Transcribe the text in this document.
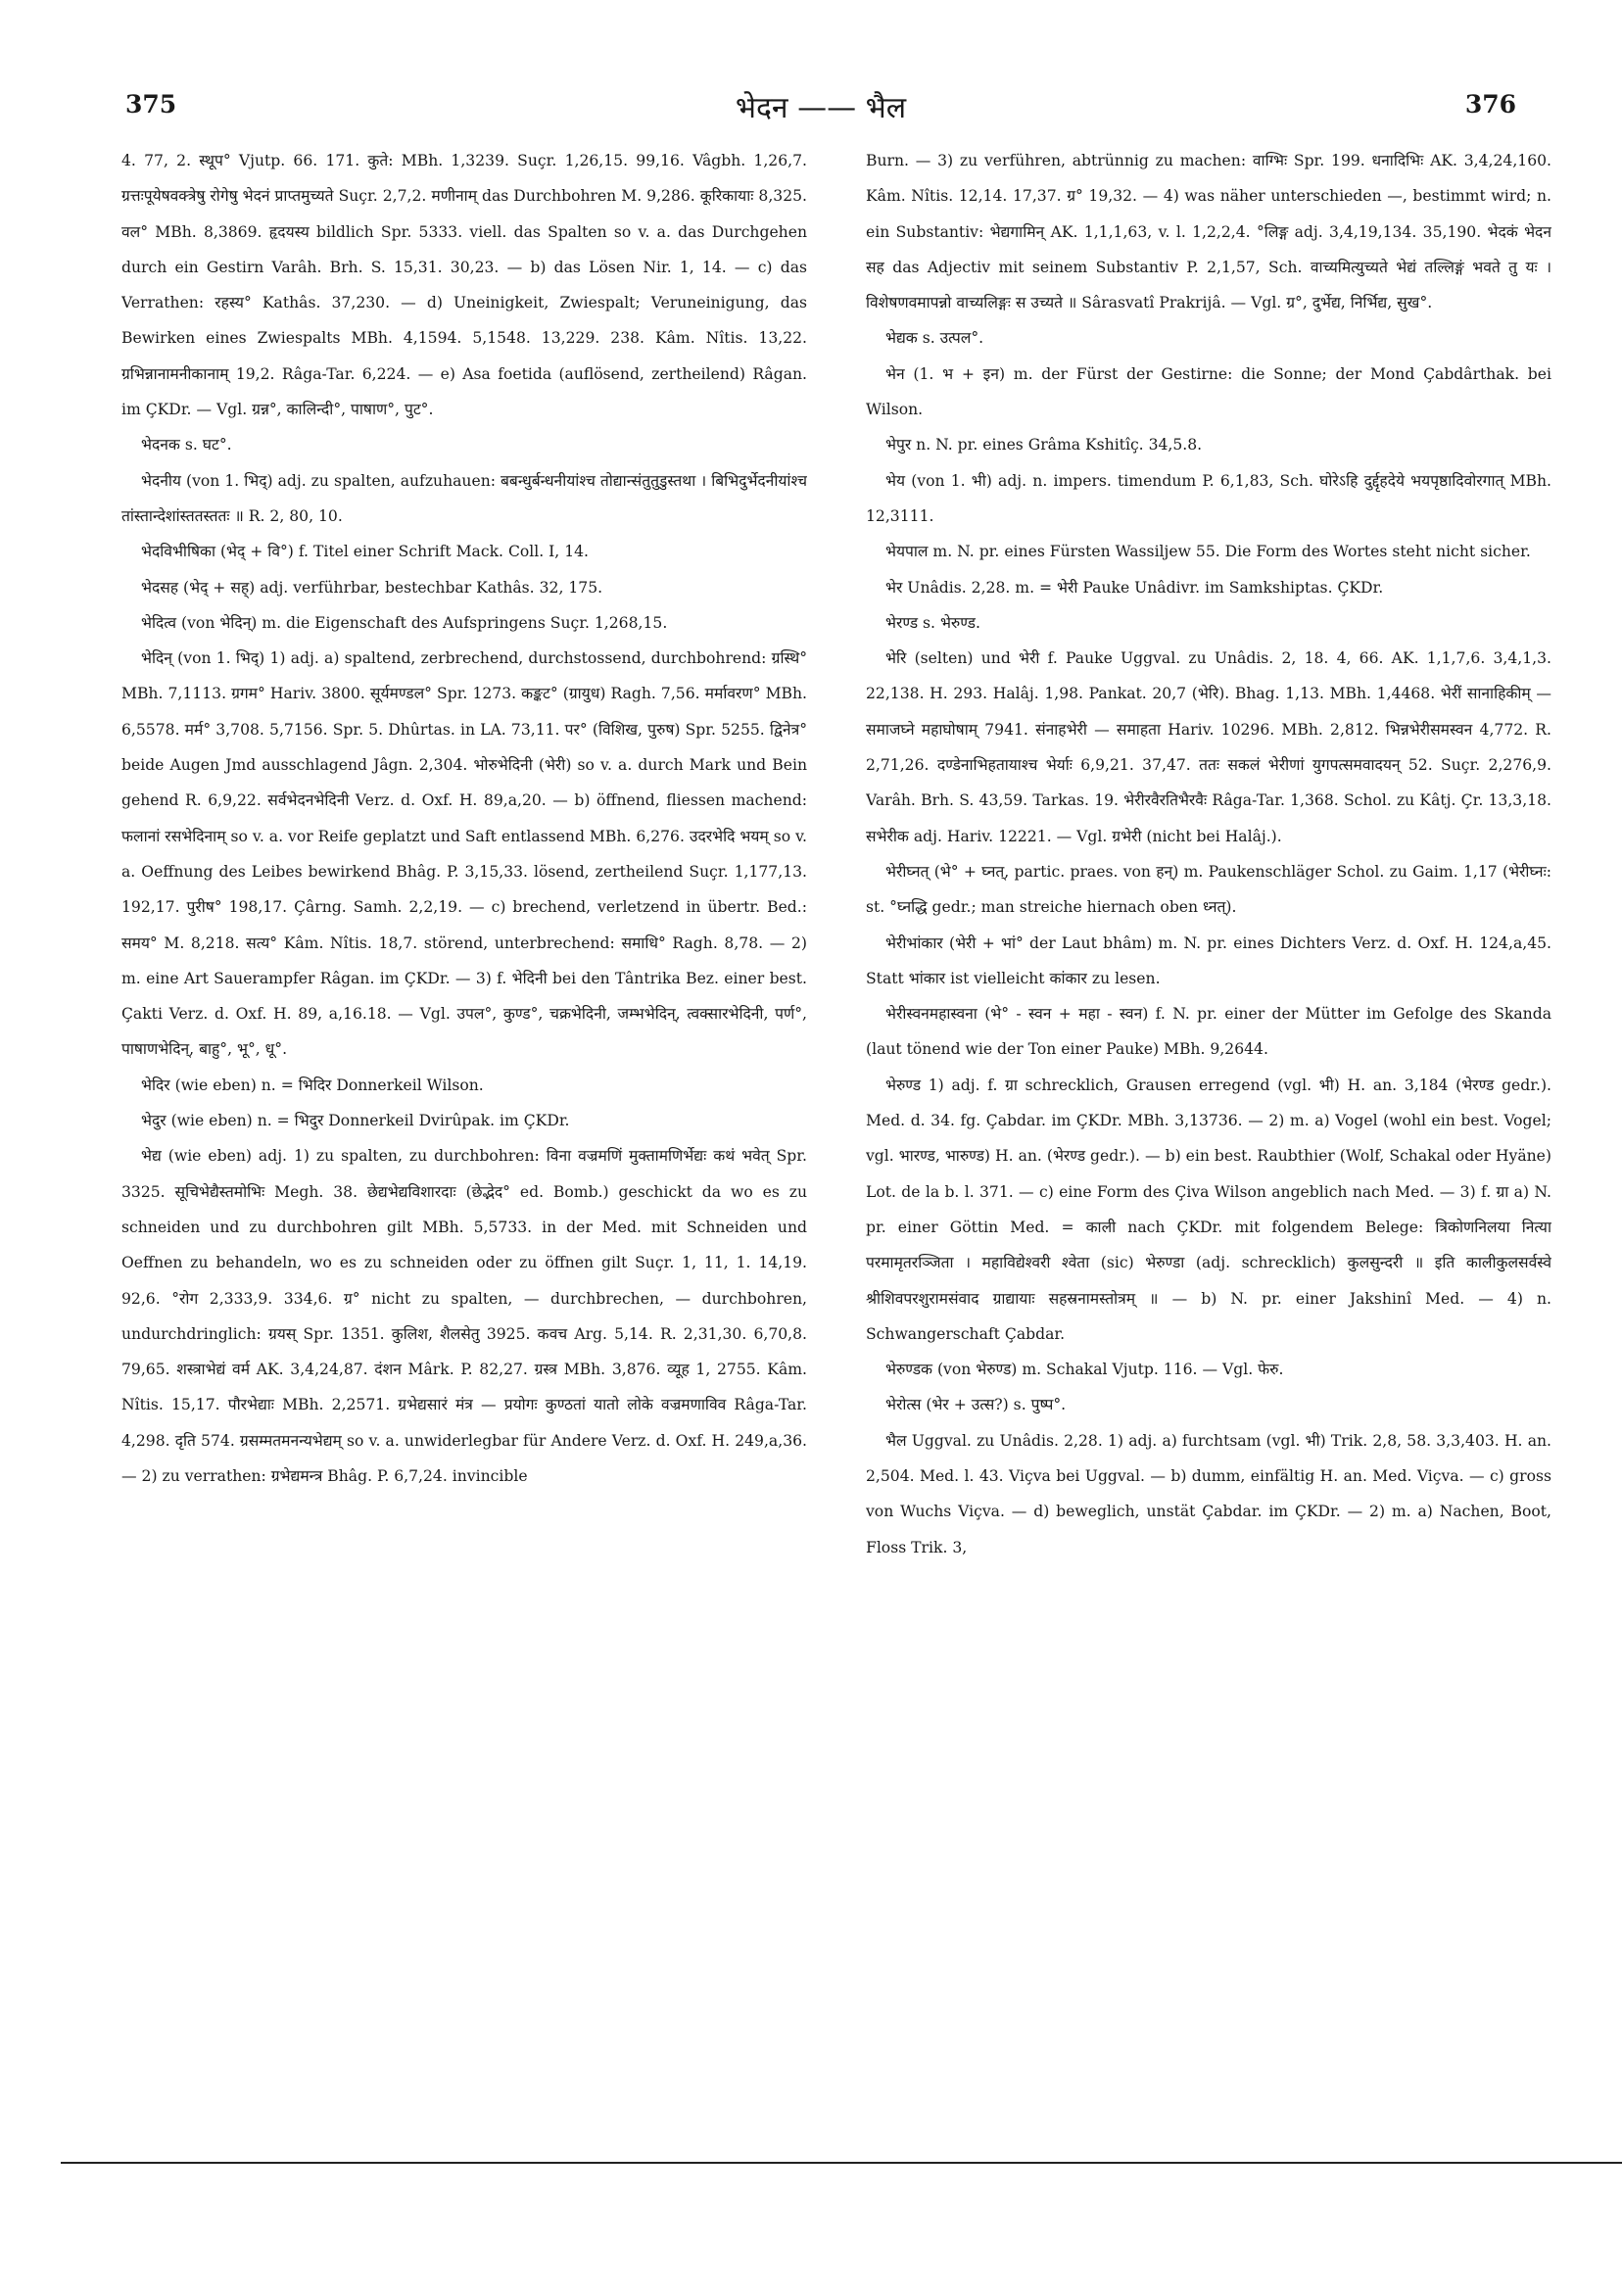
375	भेदन —— भैल	376

4. 77, 2. स्थूप° Vjutp. 66. 171. कुते: MBh. 1,3239. Suçr. 1,26,15. 99,16. Vâgbh. 1,26,7. ग्रत्तःपूयेषवक्त्रेषु रोगेषु भेदनं प्राप्तमुच्यते Suçr. 2,7,2. मणीनाम् das Durchbohren M. 9,286. कूरिकायाः 8,325. वल° MBh. 8,3869. हृदयस्य bildlich Spr. 5333. viell. das Spalten so v. a. das Durchgehen durch ein Gestirn Varâh. Brh. S. 15,31. 30,23. — b) das Lösen Nir. 1, 14. — c) das Verrathen: रहस्य° Kathâs. 37,230. — d) Uneinigkeit, Zwiespalt; Veruneinigung, das Bewirken eines Zwiespalts MBh. 4,1594. 5,1548. 13,229. 238. Kâm. Nîtis. 13,22. ग्रभिन्नानामनीकानाम् 19,2. Râga-Tar. 6,224. — e) Asa foetida (auflösend, zertheilend) Râgan. im ÇKDr. — Vgl. ग्रन्न°, कालिन्दी°, पाषाण°, पुट°.

भेदनक s. घट°.

भेदनीय (von 1. भिद्) adj. zu spalten, aufzuhauen: बबन्धुर्बन्धनीयांश्च तोद्यान्संतुतुडुस्तथा । बिभिदुर्भेदनीयांश्च तांस्तान्देशांस्ततस्ततः ॥ R. 2, 80, 10.

भेदविभीषिका (भेद् + वि°) f. Titel einer Schrift Mack. Coll. I, 14.

भेदसह (भेद् + सह्) adj. verführbar, bestechbar Kathâs. 32, 175.

भेदित्व (von भेदिन्) m. die Eigenschaft des Aufspringens Suçr. 1,268,15.

भेदिन् (von 1. भिद्) 1) adj. a) spaltend, zerbrechend, durchstossend, durchbohrend: ग्रस्थि° MBh. 7,1113. ग्रगम° Hariv. 3800. सूर्यमण्डल° Spr. 1273. कङ्कट° (ग्रायुध) Ragh. 7,56. मर्मावरण° MBh. 6,5578. मर्म° 3,708. 5,7156. Spr. 5. Dhûrtas. in LA. 73,11. पर° (विशिख, पुरुष) Spr. 5255. द्विनेत्र° beide Augen Jmd ausschlagend Jâgn. 2,304. भोरुभेदिनी (भेरी) so v. a. durch Mark und Bein gehend R. 6,9,22. सर्वभेदनभेदिनी Verz. d. Oxf. H. 89,a,20. — b) öffnend, fliessen machend: फलानां रसभेदिनाम् so v. a. vor Reife geplatzt und Saft entlassend MBh. 6,276. उदरभेदि भयम् so v. a. Oeffnung des Leibes bewirkend Bhâg. P. 3,15,33. lösend, zertheilend Suçr. 1,177,13. 192,17. पुरीष° 198,17. Çârng. Samh. 2,2,19. — c) brechend, verletzend in übertr. Bed.: समय° M. 8,218. सत्य° Kâm. Nîtis. 18,7. störend, unterbrechend: समाधि° Ragh. 8,78. — 2) m. eine Art Sauerampfer Râgan. im ÇKDr. — 3) f. भेदिनी bei den Tântrika Bez. einer best. Çakti Verz. d. Oxf. H. 89, a,16.18. — Vgl. उपल°, कुण्ड°, चक्रभेदिनी, जम्भभेदिन्, त्वक्सारभेदिनी, पर्ण°, पाषाणभेदिन्, बाहु°, भू°, धू°.

भेदिर (wie eben) n. = भिदिर Donnerkeil Wilson.

भेदुर (wie eben) n. = भिदुर Donnerkeil Dvirûpak. im ÇKDr.

भेद्य (wie eben) adj. 1) zu spalten, zu durchbohren: विना वज्रमणिं मुक्तामणिर्भेद्यः कथं भवेत् Spr. 3325. सूचिभेद्यैस्तमोभिः Megh. 38. छेद्यभेद्यविशारदाः (छेद्भेद° ed. Bomb.) geschickt da wo es zu schneiden und zu durchbohren gilt MBh. 5,5733. in der Med. mit Schneiden und Oeffnen zu behandeln, wo es zu schneiden oder zu öffnen gilt Suçr. 1, 11, 1. 14,19. 92,6. °रोग 2,333,9. 334,6. ग्र° nicht zu spalten, — durchbrechen, — durchbohren, undurchdringlich: ग्रयस् Spr. 1351. कुलिश, शैलसेतु 3925. कवच Arg. 5,14. R. 2,31,30. 6,70,8. 79,65. शस्त्राभेद्यं वर्म AK. 3,4,24,87. दंशन Mârk. P. 82,27. ग्रस्त्र MBh. 3,876. व्यूह 1, 2755. Kâm. Nîtis. 15,17. पौरभेद्याः MBh. 2,2571. ग्रभेद्यसारं मंत्र — प्रयोगः कुण्ठतां यातो लोके वज्रमणाविव Râga-Tar. 4,298. दृति 574. ग्रसम्मतमनन्यभेद्यम् so v. a. unwiderlegbar für Andere Verz. d. Oxf. H. 249,a,36. — 2) zu verrathen: ग्रभेद्यमन्त्र Bhâg. P. 6,7,24. invincible

Burn. — 3) zu verführen, abtrünnig zu machen: वाग्भिः Spr. 199. धनादिभिः AK. 3,4,24,160. Kâm. Nîtis. 12,14. 17,37. ग्र° 19,32. — 4) was näher unterschieden —, bestimmt wird; n. ein Substantiv: भेद्यगामिन् AK. 1,1,1,63, v. l. 1,2,2,4. °लिङ्ग adj. 3,4,19,134. 35,190. भेदकं भेदन सह das Adjectiv mit seinem Substantiv P. 2,1,57, Sch. वाच्यमित्युच्यते भेद्यं तल्लिङ्गं भवते तु यः । विशेषणवमापन्नो वाच्यलिङ्गः स उच्यते ॥ Sârasvatî Prakrijâ. — Vgl. ग्र°, दुर्भेद्य, निर्भिद्य, सुख°.

भेद्यक s. उत्पल°.

भेन (1. भ + इन) m. der Fürst der Gestirne: die Sonne; der Mond Çabdârthak. bei Wilson.

भेपुर n. N. pr. eines Grâma Kshitîç. 34,5.8.

भेय (von 1. भी) adj. n. impers. timendum P. 6,1,83, Sch. घोरेऽहि दुर्द्दृहदेये भयपृष्ठादिवोरगात् MBh. 12,3111.

भेयपाल m. N. pr. eines Fürsten Wassiljew 55. Die Form des Wortes steht nicht sicher.

भेर Unâdis. 2,28. m. = भेरी Pauke Unâdivr. im Samkshiptas. ÇKDr.

भेरण्ड s. भेरुण्ड.

भेरि (selten) und भेरी f. Pauke Uggval. zu Unâdis. 2, 18. 4, 66. AK. 1,1,7,6. 3,4,1,3. 22,138. H. 293. Halâj. 1,98. Pankat. 20,7 (भेरि). Bhag. 1,13. MBh. 1,4468. भेरीं सानाहिकीम् — समाजघ्ने महाघोषाम् 7941. संनाहभेरी — समाहता Hariv. 10296. MBh. 2,812. भिन्नभेरीसमस्वन 4,772. R. 2,71,26. दण्डेनाभिहतायाश्च भेर्याः 6,9,21. 37,47. ततः सकलं भेरीणां युगपत्समवादयन् 52. Suçr. 2,276,9. Varâh. Brh. S. 43,59. Tarkas. 19. भेरीरवैरतिभैरवैः Râga-Tar. 1,368. Schol. zu Kâtj. Çr. 13,3,18. सभेरीक adj. Hariv. 12221. — Vgl. ग्रभेरी (nicht bei Halâj.).

भेरीघ्नत् (भे° + घ्नत्, partic. praes. von हन्) m. Paukenschläger Schol. zu Gaim. 1,17 (भेरीघ्नः: st. °घ्नद्धि gedr.; man streiche hiernach oben ध्नत्).

भेरीभांकार (भेरी + भां° der Laut bhâm) m. N. pr. eines Dichters Verz. d. Oxf. H. 124,a,45. Statt भांकार ist vielleicht कांकार zu lesen.

भेरीस्वनमहास्वना (भे° - स्वन + महा - स्वन) f. N. pr. einer der Mütter im Gefolge des Skanda (laut tönend wie der Ton einer Pauke) MBh. 9,2644.

भेरुण्ड 1) adj. f. ग्रा schrecklich, Grausen erregend (vgl. भी) H. an. 3,184 (भेरण्ड gedr.). Med. d. 34. fg. Çabdar. im ÇKDr. MBh. 3,13736. — 2) m. a) Vogel (wohl ein best. Vogel; vgl. भारण्ड, भारुण्ड) H. an. (भेरण्ड gedr.). — b) ein best. Raubthier (Wolf, Schakal oder Hyäne) Lot. de la b. l. 371. — c) eine Form des Çiva Wilson angeblich nach Med. — 3) f. ग्रा a) N. pr. einer Göttin Med. = काली nach ÇKDr. mit folgendem Belege: त्रिकोणनिलया नित्या परमामृतरञ्जिता । महाविद्येश्वरी श्वेता (sic) भेरुण्डा (adj. schrecklich) कुलसुन्दरी ॥ इति कालीकुलसर्वस्वे श्रीशिवपरशुरामसंवाद ग्राद्यायाः सहस्रनामस्तोत्रम् ॥ — b) N. pr. einer Jakshinî Med. — 4) n. Schwangerschaft Çabdar.

भेरुण्डक (von भेरुण्ड) m. Schakal Vjutp. 116. — Vgl. फेरु.

भेरोत्स (भेर + उत्स?) s. पुष्प°.

भैल Uggval. zu Unâdis. 2,28. 1) adj. a) furchtsam (vgl. भी) Trik. 2,8, 58. 3,3,403. H. an. 2,504. Med. l. 43. Viçva bei Uggval. — b) dumm, einfältig H. an. Med. Viçva. — c) gross von Wuchs Viçva. — d) beweglich, unstät Çabdar. im ÇKDr. — 2) m. a) Nachen, Boot, Floss Trik. 3,
